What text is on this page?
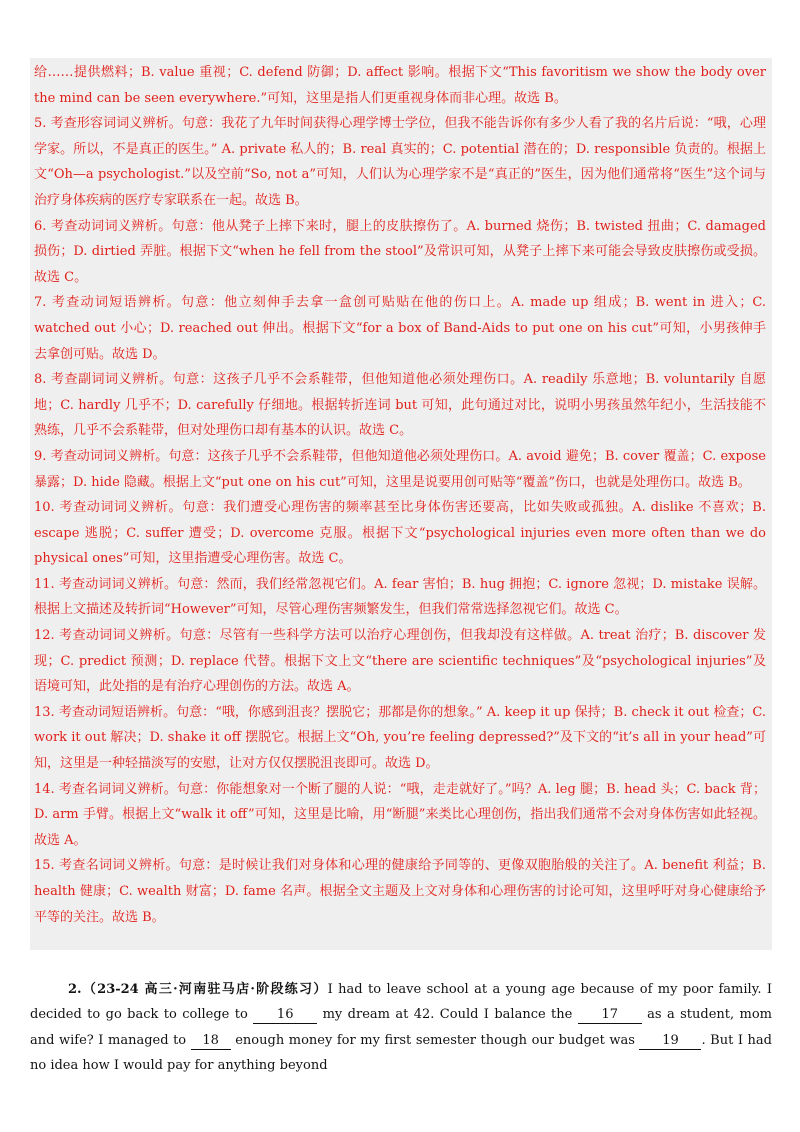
给……提供燃料；B. value 重视；C. defend 防御；D. affect 影响。根据下文“This favoritism we show the body over the mind can be seen everywhere.”可知，这里是指人们更重视身体而非心理。故选 B。

5. 考查形容词词义辨析。句意：我花了九年时间获得心理学博士学位，但我不能告诉你有多少人看了我的名片后说：“哦，心理学家。所以，不是真正的医生。” A. private 私人的；B. real 真实的；C. potential 潜在的；D. responsible 负责的。根据上文“Oh—a psychologist.”以及空前“So, not a”可知，人们认为心理学家不是“真正的”医生，因为他们通常将“医生”这个词与治疗身体疾病的医疗专家联系在一起。故选 B。

6. 考查动词词义辨析。句意：他从凳子上摔下来时，腿上的皮肤擦伤了。A. burned 烧伤；B. twisted 扭曲；C. damaged 损伤；D. dirtied 弄脏。根据下文“when he fell from the stool”及常识可知，从凳子上摔下来可能会导致皮肤擦伤或受损。故选 C。

7. 考查动词短语辨析。句意：他立刻伸手去拿一盒创可贴贴在他的伤口上。A. made up 组成；B. went in 进入；C. watched out 小心；D. reached out 伸出。根据下文“for a box of Band-Aids to put one on his cut”可知，小男孩伸手去拿创可贴。故选 D。

8. 考查副词词义辨析。句意：这孩子几乎不会系鞋带，但他知道他必须处理伤口。A. readily 乐意地；B. voluntarily 自愿地；C. hardly 几乎不；D. carefully 仔细地。根据转折连词 but 可知，此句通过对比，说明小男孩虽然年纪小，生活技能不熟练，几乎不会系鞋带，但对处理伤口却有基本的认识。故选 C。

9. 考查动词词义辨析。句意：这孩子几乎不会系鞋带，但他知道他必须处理伤口。A. avoid 避免；B. cover 覆盖；C. expose 暴露；D. hide 隐藏。根据上文“put one on his cut”可知，这里是说要用创可贴等“覆盖”伤口，也就是处理伤口。故选 B。

10. 考查动词词义辨析。句意：我们遭受心理伤害的频率甚至比身体伤害还要高，比如失败或孤独。A. dislike 不喜欢；B. escape 逃脱；C. suffer 遭受；D. overcome 克服。根据下文“psychological injuries even more often than we do physical ones”可知，这里指遭受心理伤害。故选 C。

11. 考查动词词义辨析。句意：然而，我们经常忽视它们。A. fear 害怕；B. hug 拥抱；C. ignore 忽视；D. mistake 误解。根据上文描述及转折词“However”可知，尽管心理伤害频繁发生，但我们常常选择忽视它们。故选 C。

12. 考查动词词义辨析。句意：尽管有一些科学方法可以治疗心理创伤，但我却没有这样做。A. treat 治疗；B. discover 发现；C. predict 预测；D. replace 代替。根据下文上文“there are scientific techniques”及“psychological injuries”及语境可知，此处指的是有治疗心理创伤的方法。故选 A。

13. 考查动词短语辨析。句意：“哦，你感到沮丧？摆脱它；那都是你的想象。” A. keep it up 保持；B. check it out 检查；C. work it out 解决；D. shake it off 摆脱它。根据上文“Oh, you’re feeling depressed?”及下文的“it’s all in your head”可知，这里是一种轻描淡写的安慰，让对方仅仅摆脱沮丧即可。故选 D。

14. 考查名词词义辨析。句意：你能想象对一个断了腿的人说：“哦，走走就好了。”吗？A. leg 腿；B. head 头；C. back 背；D. arm 手臂。根据上文“walk it off”可知，这里是比喻，用“断腿”来类比心理创伤，指出我们通常不会对身体伤害如此轻视。故选 A。

15. 考查名词词义辨析。句意：是时候让我们对身体和心理的健康给予同等的、更像双胞胎般的关注了。A. benefit 利益；B. health 健康；C. wealth 财富；D. fame 名声。根据全文主题及上文对身体和心理伤害的讨论可知，这里呼吁对身心健康给予平等的关注。故选 B。

2.（23-24 高三·河南驻马店·阶段练习）I had to leave school at a young age because of my poor family. I decided to go back to college to 16 my dream at 42. Could I balance the 17 as a student, mom and wife? I managed to 18 enough money for my first semester though our budget was 19 . But I had no idea how I would pay for anything beyond
